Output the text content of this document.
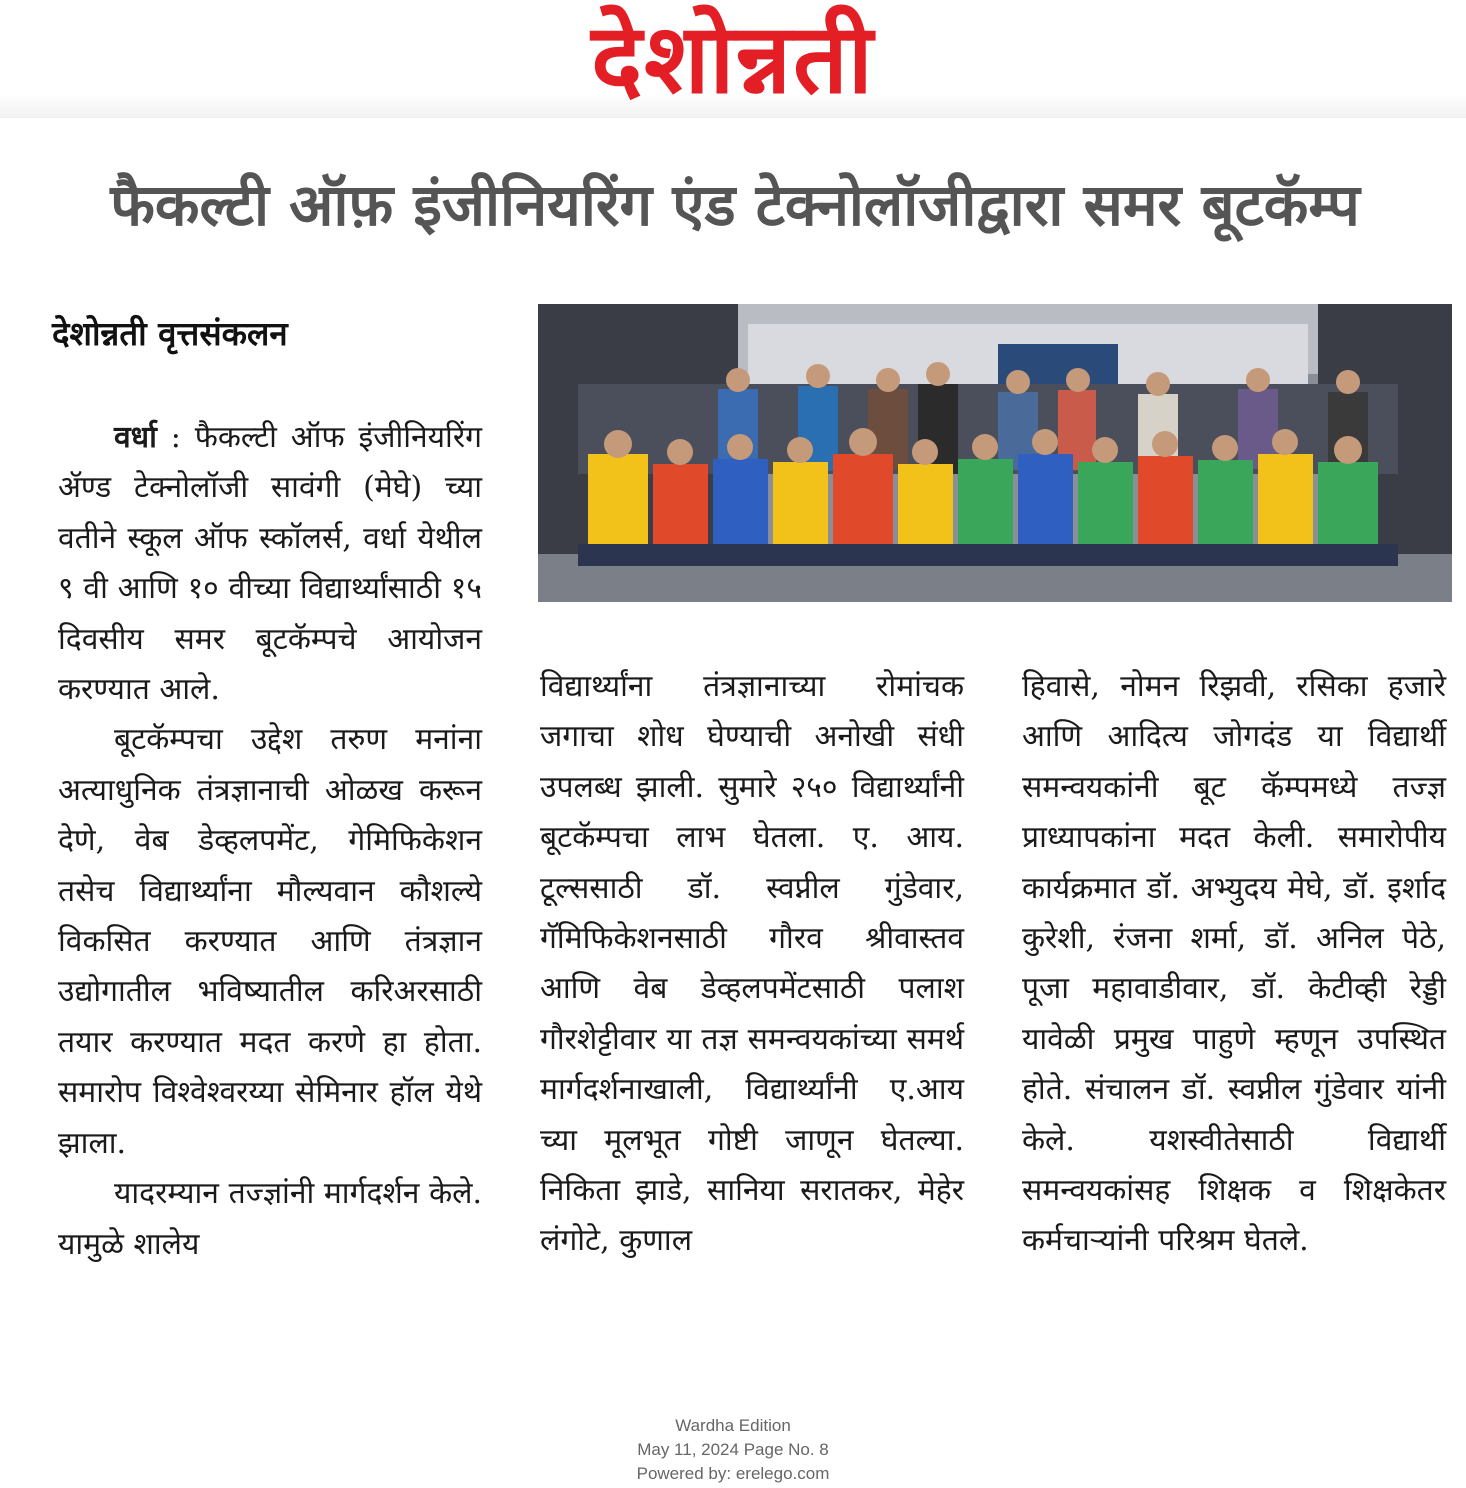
देशोन्नती
फैकल्टी ऑफ़ इंजीनियरिंग एंड टेक्नोलॉजीद्वारा समर बूटकॅम्प
देशोन्नती वृत्तसंकलन

वर्धा : फैकल्टी ऑफ इंजीनियरिंग ॲण्ड टेक्नोलॉजी सावंगी (मेघे) च्या वतीने स्कूल ऑफ स्कॉलर्स, वर्धा येथील ९ वी आणि १० वीच्या विद्यार्थ्यांसाठी १५ दिवसीय समर बूटकॅम्पचे आयोजन करण्यात आले.

बूटकॅम्पचा उद्देश तरुण मनांना अत्याधुनिक तंत्रज्ञानाची ओळख करून देणे, वेब डेव्हलपमेंट, गेमिफिकेशन तसेच विद्यार्थ्यांना मौल्यवान कौशल्ये विकसित करण्यात आणि तंत्रज्ञान उद्योगातील भविष्यातील करिअरसाठी तयार करण्यात मदत करणे हा होता. समारोप विश्वेश्वरय्या सेमिनार हॉल येथे झाला.

यादरम्यान तज्ज्ञांनी मार्गदर्शन केले. यामुळे शालेय

विद्यार्थ्यांना तंत्रज्ञानाच्या रोमांचक जगाचा शोध घेण्याची अनोखी संधी उपलब्ध झाली. सुमारे २५० विद्यार्थ्यांनी बूटकॅम्पचा लाभ घेतला. ए. आय. टूल्ससाठी डॉ. स्वप्नील गुंडेवार, गॅमिफिकेशनसाठी गौरव श्रीवास्तव आणि वेब डेव्हलपमेंटसाठी पलाश गौरशेट्टीवार या तज्ञ समन्वयकांच्या समर्थ मार्गदर्शनाखाली, विद्यार्थ्यांनी ए.आय च्या मूलभूत गोष्टी जाणून घेतल्या. निकिता झाडे, सानिया सरातकर, मेहेर लंगोटे, कुणाल

हिवासे, नोमन रिझवी, रसिका हजारे आणि आदित्य जोगदंड या विद्यार्थी समन्वयकांनी बूट कॅम्पमध्ये तज्ज्ञ प्राध्यापकांना मदत केली. समारोपीय कार्यक्रमात डॉ. अभ्युदय मेघे, डॉ. इर्शाद कुरेशी, रंजना शर्मा, डॉ. अनिल पेठे, पूजा महावाडीवार, डॉ. केटीव्ही रेड्डी यावेळी प्रमुख पाहुणे म्हणून उपस्थित होते. संचालन डॉ. स्वप्नील गुंडेवार यांनी केले. यशस्वीतेसाठी विद्यार्थी समन्वयकांसह शिक्षक व शिक्षकेतर कर्मचाऱ्यांनी परिश्रम घेतले.

Wardha Edition
May 11, 2024 Page No. 8
Powered by: erelego.com
